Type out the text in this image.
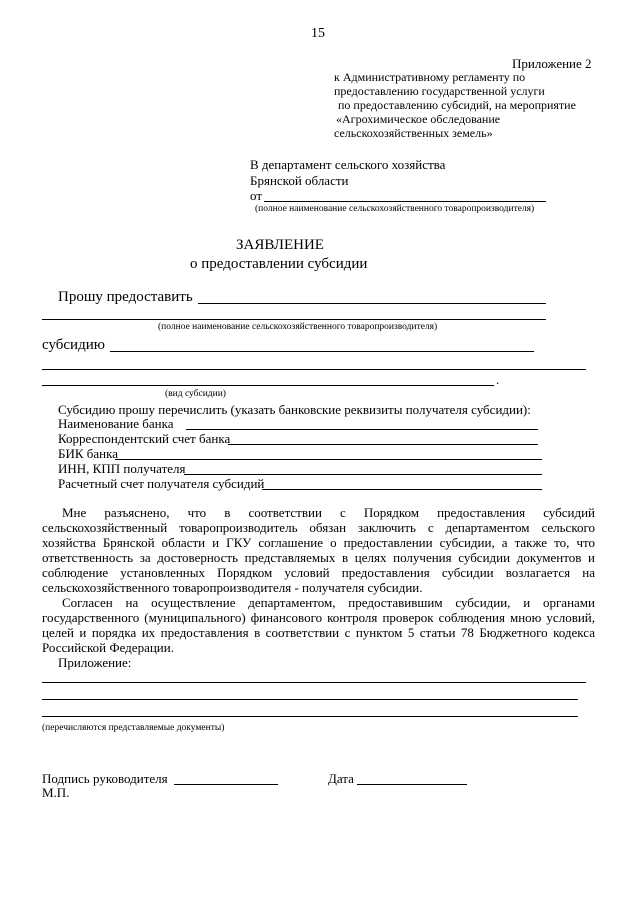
15
Приложение 2
к Административному регламенту по
предоставлению государственной услуги
по предоставлению субсидий, на мероприятие
«Агрохимическое обследование
сельскохозяйственных земель»
В департамент сельского хозяйства
Брянской области
от
(полное наименование сельскохозяйственного товаропроизводителя)
ЗАЯВЛЕНИЕ
о предоставлении субсидии
Прошу предоставить
(полное наименование сельскохозяйственного товаропроизводителя)
субсидию
.
(вид субсидии)
Субсидию прошу перечислить (указать банковские реквизиты получателя субсидии):
Наименование банка
Корреспондентский счет банка
БИК банка
ИНН, КПП получателя
Расчетный счет получателя субсидий
Мне разъяснено, что в соответствии с Порядком предоставления субсидий сельскохозяйственный товаропроизводитель обязан заключить с департаментом сельского хозяйства Брянской области и ГКУ соглашение о предоставлении субсидии, а также то, что ответственность за достоверность представляемых в целях получения субсидии документов и соблюдение установленных Порядком условий предоставления субсидии возлагается на сельскохозяйственного товаропроизводителя - получателя субсидии.
Согласен на осуществление департаментом, предоставившим субсидии, и органами государственного (муниципального) финансового контроля проверок соблюдения мною условий, целей и порядка их предоставления в соответствии с пунктом 5 статьи 78 Бюджетного кодекса Российской Федерации.
Приложение:
(перечисляются представляемые документы)
Подпись руководителя	Дата
М.П.
